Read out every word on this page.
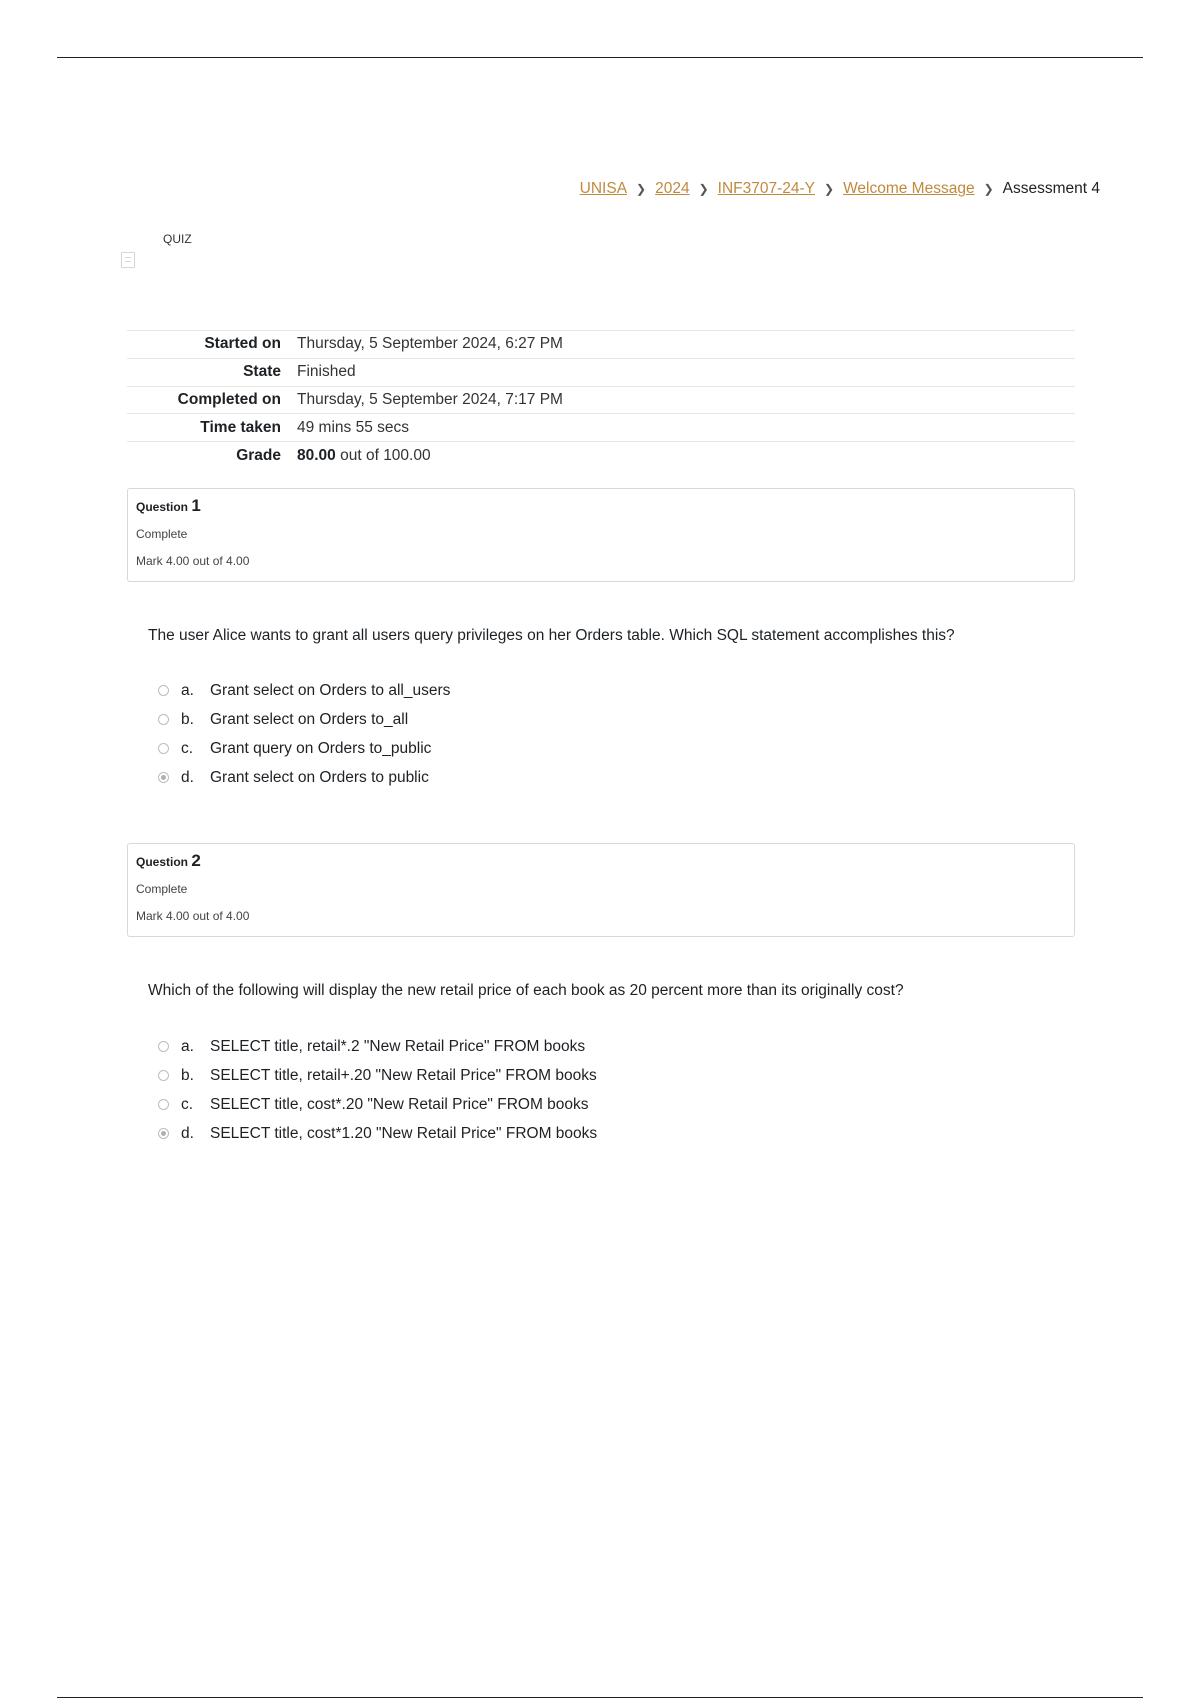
UNISA ❯ 2024 ❯ INF3707-24-Y ❯ Welcome Message ❯ Assessment 4
QUIZ
Started on	Thursday, 5 September 2024, 6:27 PM
State	Finished
Completed on	Thursday, 5 September 2024, 7:17 PM
Time taken	49 mins 55 secs
Grade	80.00 out of 100.00
Question 1
Complete
Mark 4.00 out of 4.00
The user Alice wants to grant all users query privileges on her Orders table. Which SQL statement accomplishes this?
a.	Grant select on Orders to all_users
b.	Grant select on Orders to_all
c.	Grant query on Orders to_public
d.	Grant select on Orders to public
Question 2
Complete
Mark 4.00 out of 4.00
Which of the following will display the new retail price of each book as 20 percent more than its originally cost?
a.	SELECT title, retail*.2 "New Retail Price" FROM books
b.	SELECT title, retail+.20 "New Retail Price" FROM books
c.	SELECT title, cost*.20 "New Retail Price" FROM books
d.	SELECT title, cost*1.20 "New Retail Price" FROM books
